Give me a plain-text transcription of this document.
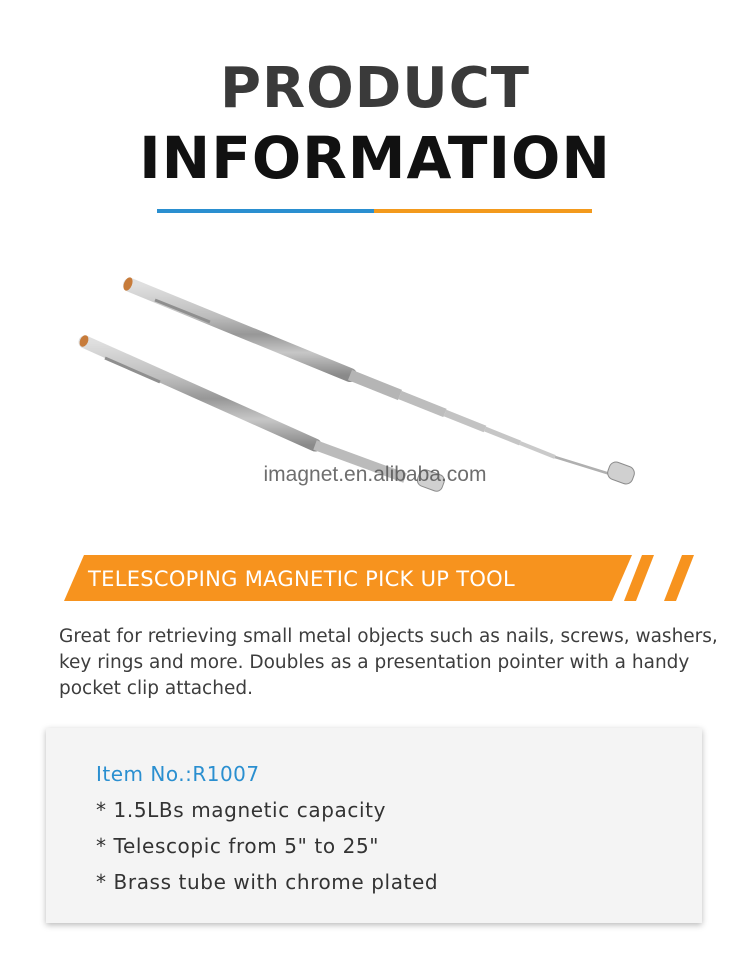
PRODUCT
INFORMATION
imagnet.en.alibaba.com
TELESCOPING MAGNETIC PICK UP TOOL
Great for retrieving small metal objects such as nails, screws, washers, key rings and more. Doubles as a presentation pointer with a handy pocket clip attached.
Item No.:R1007
* 1.5LBs magnetic capacity
* Telescopic from 5" to 25"
* Brass tube with chrome plated
